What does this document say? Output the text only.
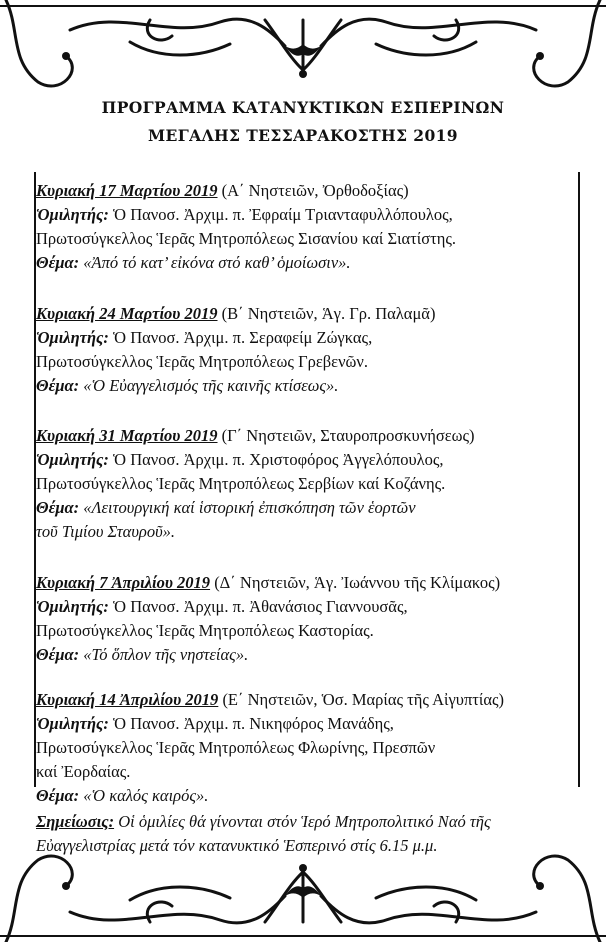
ΠΡΟΓΡΑΜΜΑ ΚΑΤΑΝΥΚΤΙΚΩΝ ΕΣΠΕΡΙΝΩΝ
ΜΕΓΑΛΗΣ ΤΕΣΣΑΡΑΚΟΣΤΗΣ 2019
Κυριακή 17 Μαρτίου 2019 (Α΄ Νηστειῶν, Ὀρθοδοξίας)
Ὁμιλητής: Ὁ Πανοσ. Ἀρχιμ. π. Ἐφραίμ Τριανταφυλλόπουλος,
Πρωτοσύγκελλος Ἱερᾶς Μητροπόλεως Σισανίου καί Σιατίστης.
Θέμα: «Ἀπό τό κατ’ εἰκόνα στό καθ’ ὁμοίωσιν».
Κυριακή 24 Μαρτίου 2019 (Β΄ Νηστειῶν, Ἁγ. Γρ. Παλαμᾶ)
Ὁμιλητής: Ὁ Πανοσ. Ἀρχιμ. π. Σεραφείμ Ζώγκας,
Πρωτοσύγκελλος Ἱερᾶς Μητροπόλεως Γρεβενῶν.
Θέμα: «Ὁ Εὐαγγελισμός τῆς καινῆς κτίσεως».
Κυριακή 31 Μαρτίου 2019 (Γ΄ Νηστειῶν, Σταυροπροσκυνήσεως)
Ὁμιλητής: Ὁ Πανοσ. Ἀρχιμ. π. Χριστοφόρος Ἀγγελόπουλος,
Πρωτοσύγκελλος Ἱερᾶς Μητροπόλεως Σερβίων καί Κοζάνης.
Θέμα: «Λειτουργική καί ἱστορική ἐπισκόπηση τῶν ἑορτῶν
τοῦ Τιμίου Σταυροῦ».
Κυριακή 7 Ἀπριλίου 2019 (Δ΄ Νηστειῶν, Ἁγ. Ἰωάννου τῆς Κλίμακος)
Ὁμιλητής: Ὁ Πανοσ. Ἀρχιμ. π. Ἀθανάσιος Γιαννουσᾶς,
Πρωτοσύγκελλος Ἱερᾶς Μητροπόλεως Καστορίας.
Θέμα: «Τό ὅπλον τῆς νηστείας».
Κυριακή 14 Ἀπριλίου 2019 (Ε΄ Νηστειῶν, Ὁσ. Μαρίας τῆς Αἰγυπτίας)
Ὁμιλητής: Ὁ Πανοσ. Ἀρχιμ. π. Νικηφόρος Μανάδης,
Πρωτοσύγκελλος Ἱερᾶς Μητροπόλεως Φλωρίνης, Πρεσπῶν
καί Ἐορδαίας.
Θέμα: «Ὁ καλός καιρός».
Σημείωσις: Οἱ ὁμιλίες θά γίνονται στόν Ἱερό Μητροπολιτικό Ναό τῆς
Εὐαγγελιστρίας μετά τόν κατανυκτικό Ἑσπερινό στίς 6.15 μ.μ.
